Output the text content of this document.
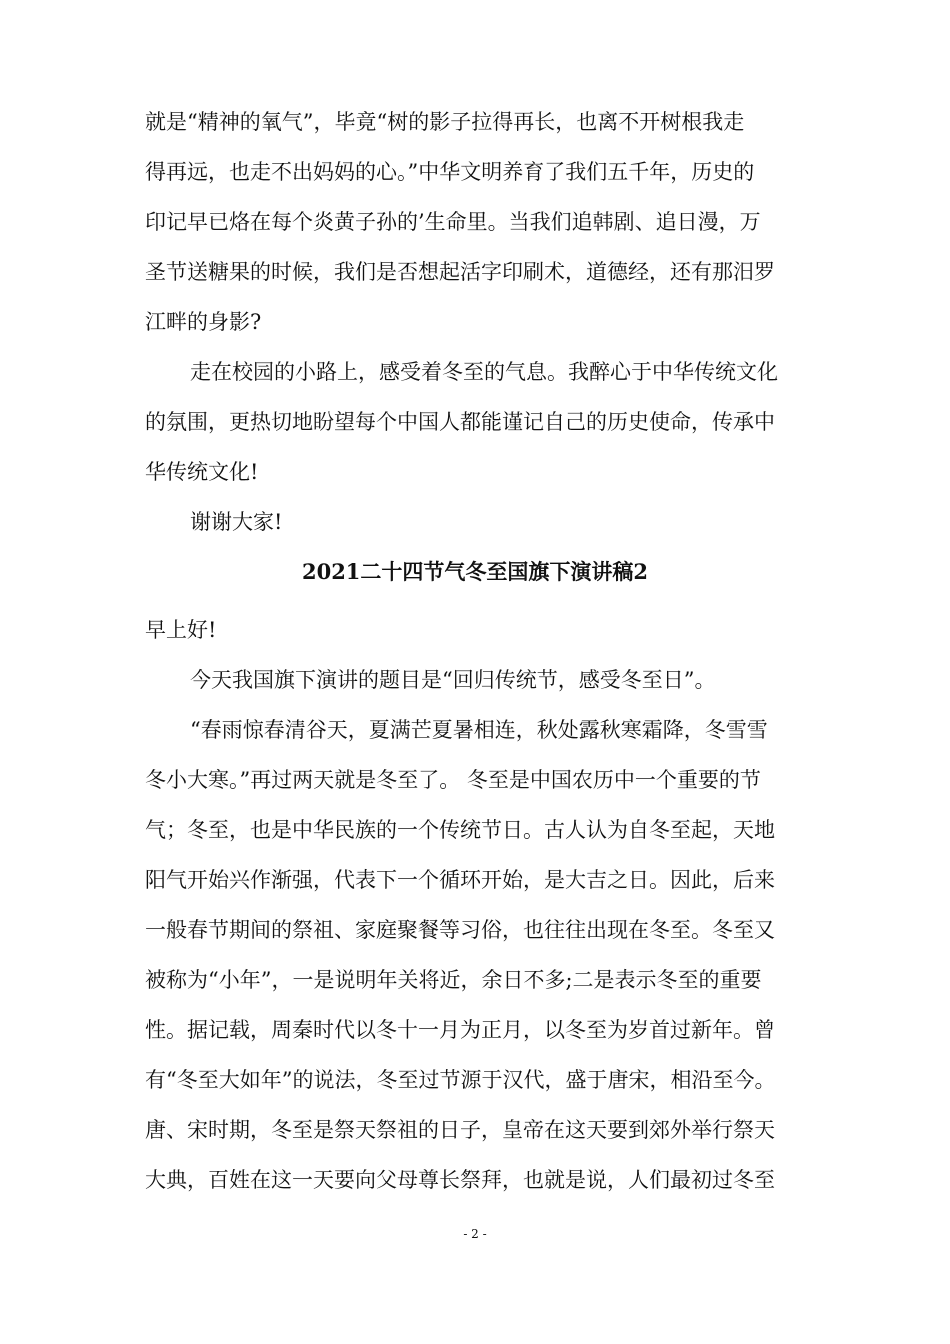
就是“精神的氧气”，毕竟“树的影子拉得再长，也离不开树根我走
得再远，也走不出妈妈的心。”中华文明养育了我们五千年，历史的
印记早已烙在每个炎黄子孙的’生命里。当我们追韩剧、追日漫，万
圣节送糖果的时候，我们是否想起活字印刷术，道德经，还有那汨罗
江畔的身影?
走在校园的小路上，感受着冬至的气息。我醉心于中华传统文化
的氛围，更热切地盼望每个中国人都能谨记自己的历史使命，传承中
华传统文化!
谢谢大家!
2021二十四节气冬至国旗下演讲稿2
早上好!
今天我国旗下演讲的题目是“回归传统节，感受冬至日”。
“春雨惊春清谷天，夏满芒夏暑相连，秋处露秋寒霜降，冬雪雪
冬小大寒。”再过两天就是冬至了。 冬至是中国农历中一个重要的节
气；冬至，也是中华民族的一个传统节日。古人认为自冬至起，天地
阳气开始兴作渐强，代表下一个循环开始，是大吉之日。因此，后来
一般春节期间的祭祖、家庭聚餐等习俗，也往往出现在冬至。冬至又
被称为“小年”，一是说明年关将近，余日不多;二是表示冬至的重要
性。据记载，周秦时代以冬十一月为正月，以冬至为岁首过新年。曾
有“冬至大如年”的说法，冬至过节源于汉代，盛于唐宋，相沿至今。
唐、宋时期，冬至是祭天祭祖的日子，皇帝在这天要到郊外举行祭天
大典，百姓在这一天要向父母尊长祭拜，也就是说，人们最初过冬至
- 2 -
